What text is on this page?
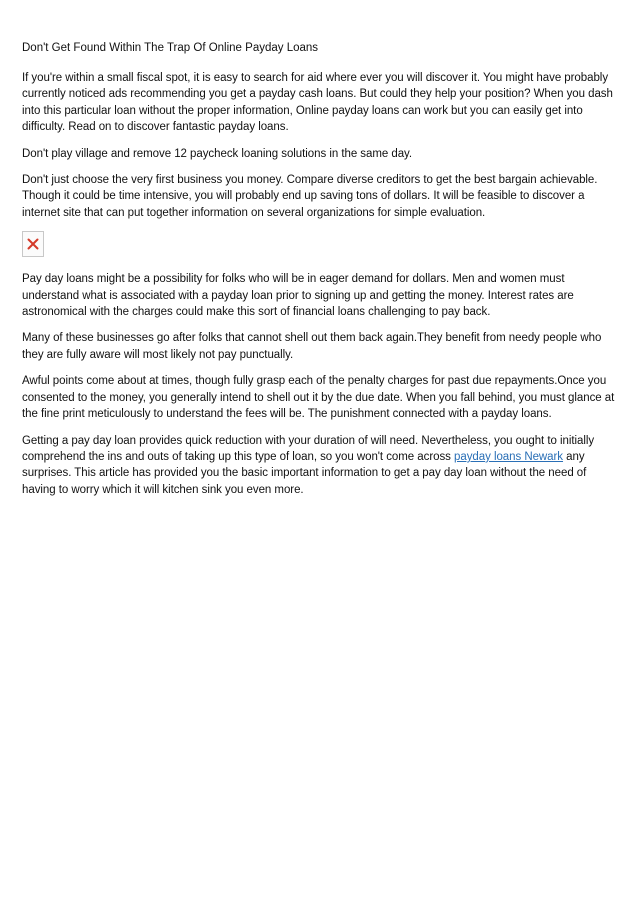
Don't Get Found Within The Trap Of Online Payday Loans

If you're within a small fiscal spot, it is easy to search for aid where ever you will discover it. You might have probably currently noticed ads recommending you get a payday cash loans. But could they help your position? When you dash into this particular loan without the proper information, Online payday loans can work but you can easily get into difficulty. Read on to discover fantastic payday loans.

Don't play village and remove 12 paycheck loaning solutions in the same day.

Don't just choose the very first business you money. Compare diverse creditors to get the best bargain achievable. Though it could be time intensive, you will probably end up saving tons of dollars. It will be feasible to discover a internet site that can put together information on several organizations for simple evaluation.

Pay day loans might be a possibility for folks who will be in eager demand for dollars. Men and women must understand what is associated with a payday loan prior to signing up and getting the money. Interest rates are astronomical with the charges could make this sort of financial loans challenging to pay back.

Many of these businesses go after folks that cannot shell out them back again.They benefit from needy people who they are fully aware will most likely not pay punctually.

Awful points come about at times, though fully grasp each of the penalty charges for past due repayments.Once you consented to the money, you generally intend to shell out it by the due date. When you fall behind, you must glance at the fine print meticulously to understand the fees will be. The punishment connected with a payday loans.

Getting a pay day loan provides quick reduction with your duration of will need. Nevertheless, you ought to initially comprehend the ins and outs of taking up this type of loan, so you won't come across payday loans Newark any surprises. This article has provided you the basic important information to get a pay day loan without the need of having to worry which it will kitchen sink you even more.
